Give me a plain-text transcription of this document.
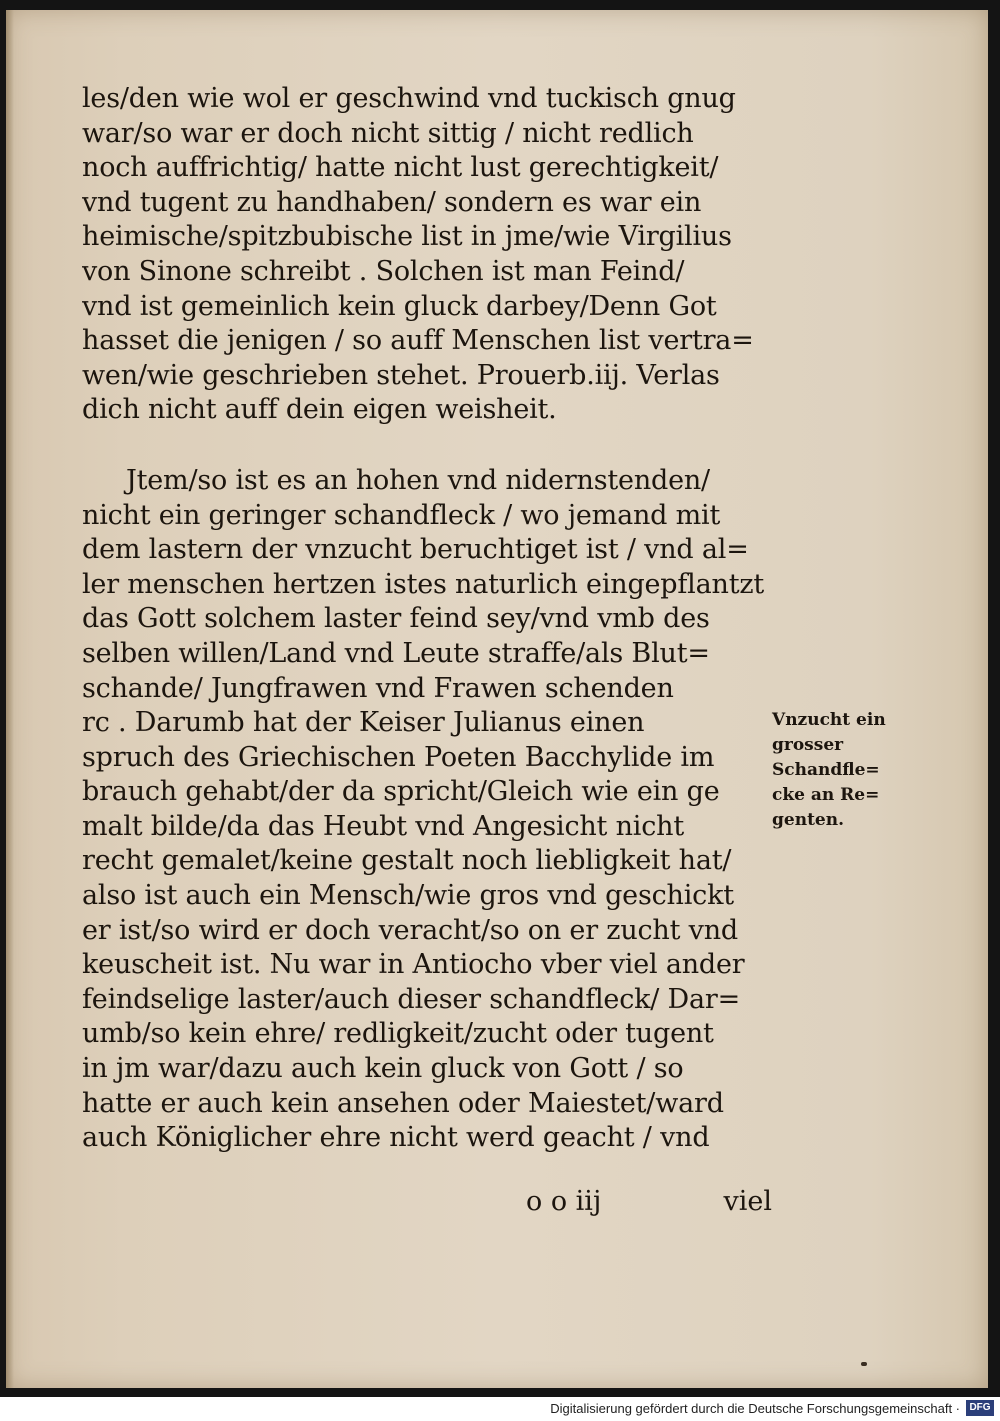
les/den wie wol er geschwind vnd tuckisch gnug
war/so war er doch nicht sittig / nicht redlich
noch auffrichtig/ hatte nicht lust gerechtigkeit/
vnd tugent zu handhaben/ sondern es war ein
heimische/spitzbubische list in jme/wie Virgilius
von Sinone schreibt . Solchen ist man Feind/
vnd ist gemeinlich kein gluck darbey/Denn Got
hasset die jenigen / so auff Menschen list vertra=
wen/wie geschrieben stehet. Prouerb.iij. Verlas
dich nicht auff dein eigen weisheit.
Jtem/so ist es an hohen vnd nidernstenden/
nicht ein geringer schandfleck / wo jemand mit
dem lastern der vnzucht beruchtiget ist / vnd al=
ler menschen hertzen istes naturlich eingepflantzt
das Gott solchem laster feind sey/vnd vmb des
selben willen/Land vnd Leute straffe/als Blut=
schande/ Jungfrawen vnd Frawen schenden
rc . Darumb hat der Keiser Julianus einen
spruch des Griechischen Poeten Bacchylide im
brauch gehabt/der da spricht/Gleich wie ein ge
malt bilde/da das Heubt vnd Angesicht nicht
recht gemalet/keine gestalt noch liebligkeit hat/
also ist auch ein Mensch/wie gros vnd geschickt
er ist/so wird er doch veracht/so on er zucht vnd
keuscheit ist. Nu war in Antiocho vber viel ander
feindselige laster/auch dieser schandfleck/ Dar=
umb/so kein ehre/ redligkeit/zucht oder tugent
in jm war/dazu auch kein gluck von Gott / so
hatte er auch kein ansehen oder Maiestet/ward
auch Königlicher ehre nicht werd geacht / vnd
o o iij	viel
Vnzucht ein
grosser
Schandfle=
cke an Re=
genten.
Digitalisierung gefördert durch die Deutsche Forschungsgemeinschaft · DFG
